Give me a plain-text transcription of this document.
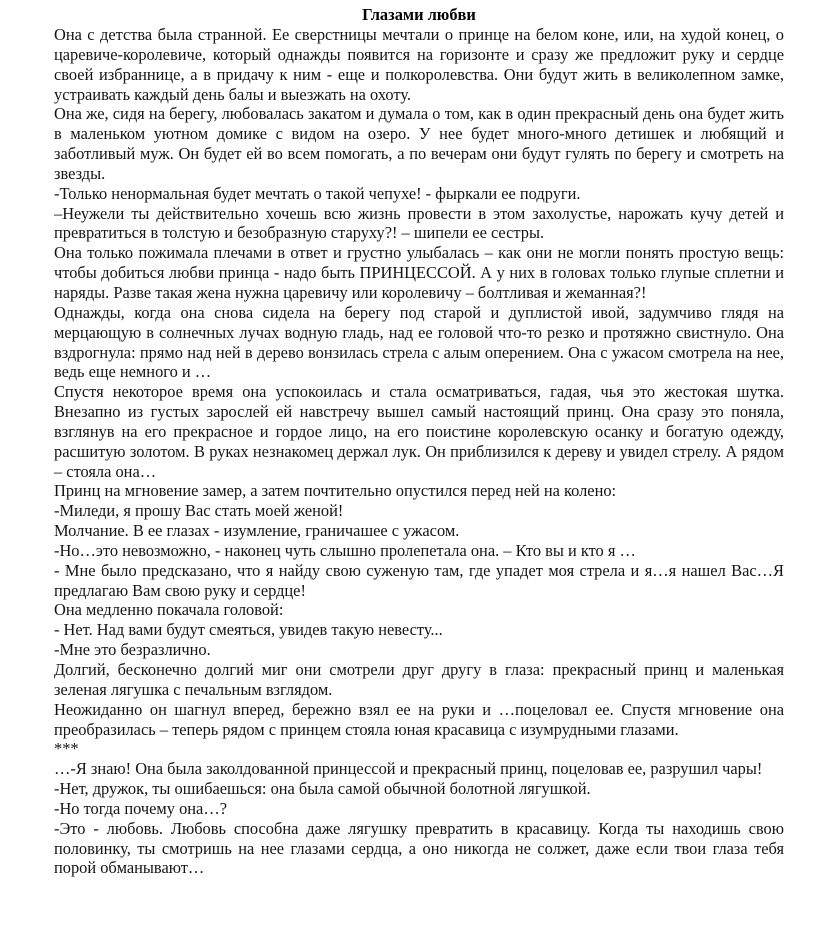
Глазами любви

Она с детства была странной. Ее сверстницы мечтали о принце на белом коне, или, на худой конец, о царевиче-королевиче, который однажды появится на горизонте и сразу же предложит руку и сердце своей избраннице, а в придачу к ним - еще и полкоролевства. Они будут жить в великолепном замке, устраивать каждый день балы и выезжать на охоту.

Она же, сидя на берегу, любовалась закатом и думала о том, как в один прекрасный день она будет жить в маленьком уютном домике с видом на озеро. У нее будет много-много детишек и любящий и заботливый муж. Он будет ей во всем помогать, а по вечерам они будут гулять по берегу и смотреть на звезды.

-Только ненормальная будет мечтать о такой чепухе! - фыркали ее подруги.

–Неужели ты действительно хочешь всю жизнь провести в этом захолустье, нарожать кучу детей и превратиться в толстую и безобразную старуху?! – шипели ее сестры.

Она только пожимала плечами в ответ и грустно улыбалась – как они не могли понять простую вещь: чтобы добиться любви принца - надо быть ПРИНЦЕССОЙ. А у них в головах только глупые сплетни и наряды. Разве такая жена нужна царевичу или королевичу – болтливая и жеманная?!

Однажды, когда она снова сидела на берегу под старой и дуплистой ивой, задумчиво глядя на мерцающую в солнечных лучах водную гладь, над ее головой что-то резко и протяжно свистнуло. Она вздрогнула: прямо над ней в дерево вонзилась стрела с алым оперением. Она с ужасом смотрела на нее, ведь еще немного и …

Спустя некоторое время она успокоилась и стала осматриваться, гадая, чья это жестокая шутка. Внезапно из густых зарослей ей навстречу вышел самый настоящий принц. Она сразу это поняла, взглянув на его прекрасное и гордое лицо, на его поистине королевскую осанку и богатую одежду, расшитую золотом. В руках незнакомец держал лук. Он приблизился к дереву и увидел стрелу. А рядом – стояла она…

Принц на мгновение замер, а затем почтительно опустился перед ней на колено:

-Миледи, я прошу Вас стать моей женой!

Молчание. В ее глазах - изумление, граничашее с ужасом.

-Но…это невозможно, - наконец чуть слышно пролепетала она. – Кто вы и кто я …

- Мне было предсказано, что я найду свою суженую там, где упадет моя стрела и я…я нашел Вас…Я предлагаю Вам свою руку и сердце!

Она медленно покачала головой:

- Нет. Над вами будут смеяться, увидев такую невесту...

-Мне это безразлично.

Долгий, бесконечно долгий миг они смотрели друг другу в глаза: прекрасный принц и маленькая зеленая лягушка с печальным взглядом.

Неожиданно он шагнул вперед, бережно взял ее на руки и …поцеловал ее. Спустя мгновение она преобразилась – теперь рядом с принцем стояла юная красавица с изумрудными глазами.

***

…-Я знаю! Она была заколдованной принцессой и прекрасный принц, поцеловав ее, разрушил чары!

-Нет, дружок, ты ошибаешься: она была самой обычной болотной лягушкой.

-Но тогда почему она…?

-Это - любовь. Любовь способна даже лягушку превратить в красавицу. Когда ты находишь свою половинку, ты смотришь на нее глазами сердца, а оно никогда не солжет, даже если твои глаза тебя порой обманывают…
